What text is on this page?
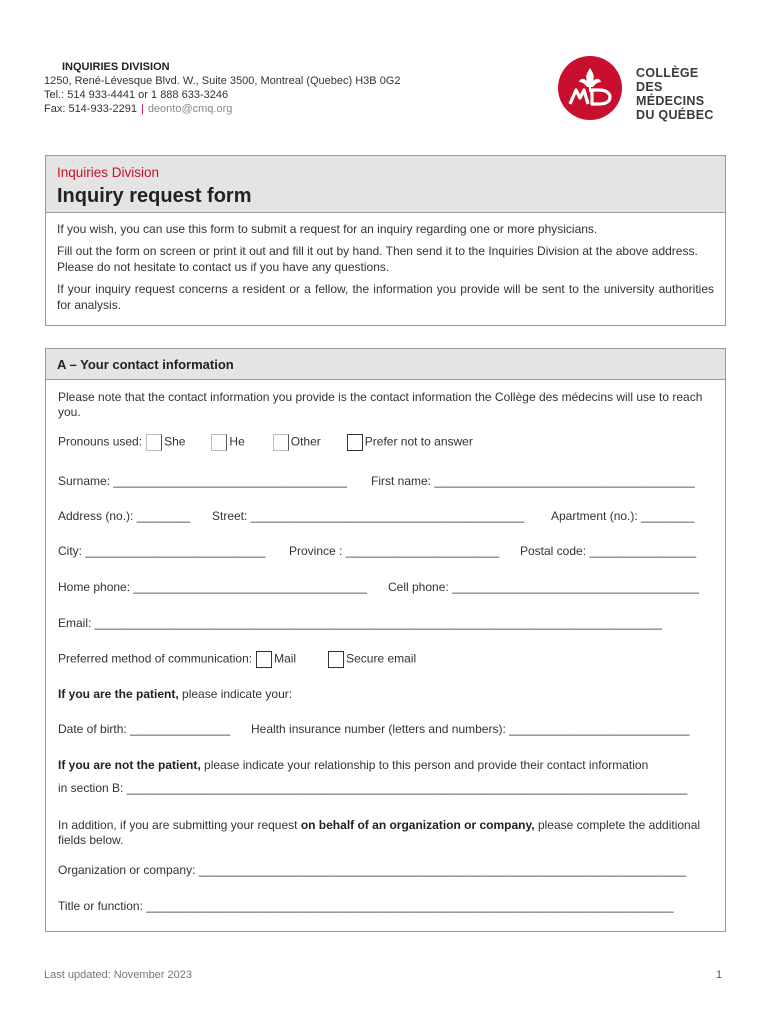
INQUIRIES DIVISION
1250, René-Lévesque Blvd. W., Suite 3500, Montreal (Quebec) H3B 0G2
Tel.: 514 933-4441 or 1 888 633-3246
Fax: 514-933-2291 | deonto@cmq.org
COLLÈGE
DES MÉDECINS
DU QUÉBEC
Inquiries Division
Inquiry request form

If you wish, you can use this form to submit a request for an inquiry regarding one or more physicians.

Fill out the form on screen or print it out and fill it out by hand. Then send it to the Inquiries Division at the above address. Please do not hesitate to contact us if you have any questions.

If your inquiry request concerns a resident or a fellow, the information you provide will be sent to the university authorities for analysis.

A – Your contact information
Please note that the contact information you provide is the contact information the Collège des médecins will use to reach you.
Pronouns used: She	He	Other	Prefer not to answer
Surname: ___________________________________ First name: _______________________________________
Address (no.): ________ Street: _________________________________________ Apartment (no.): ________
City: ___________________________ Province : _______________________ Postal code: ________________
Home phone: ___________________________________ Cell phone: _____________________________________
Email: _____________________________________________________________________________________
Preferred method of communication: Mail	Secure email
If you are the patient, please indicate your:
Date of birth: _______________ Health insurance number (letters and numbers): ___________________________
If you are not the patient, please indicate your relationship to this person and provide their contact information
in section B: ____________________________________________________________________________________
In addition, if you are submitting your request on behalf of an organization or company, please complete the additional fields below.
Organization or company: _________________________________________________________________________
Title or function: _______________________________________________________________________________
Last updated: November 2023	1
